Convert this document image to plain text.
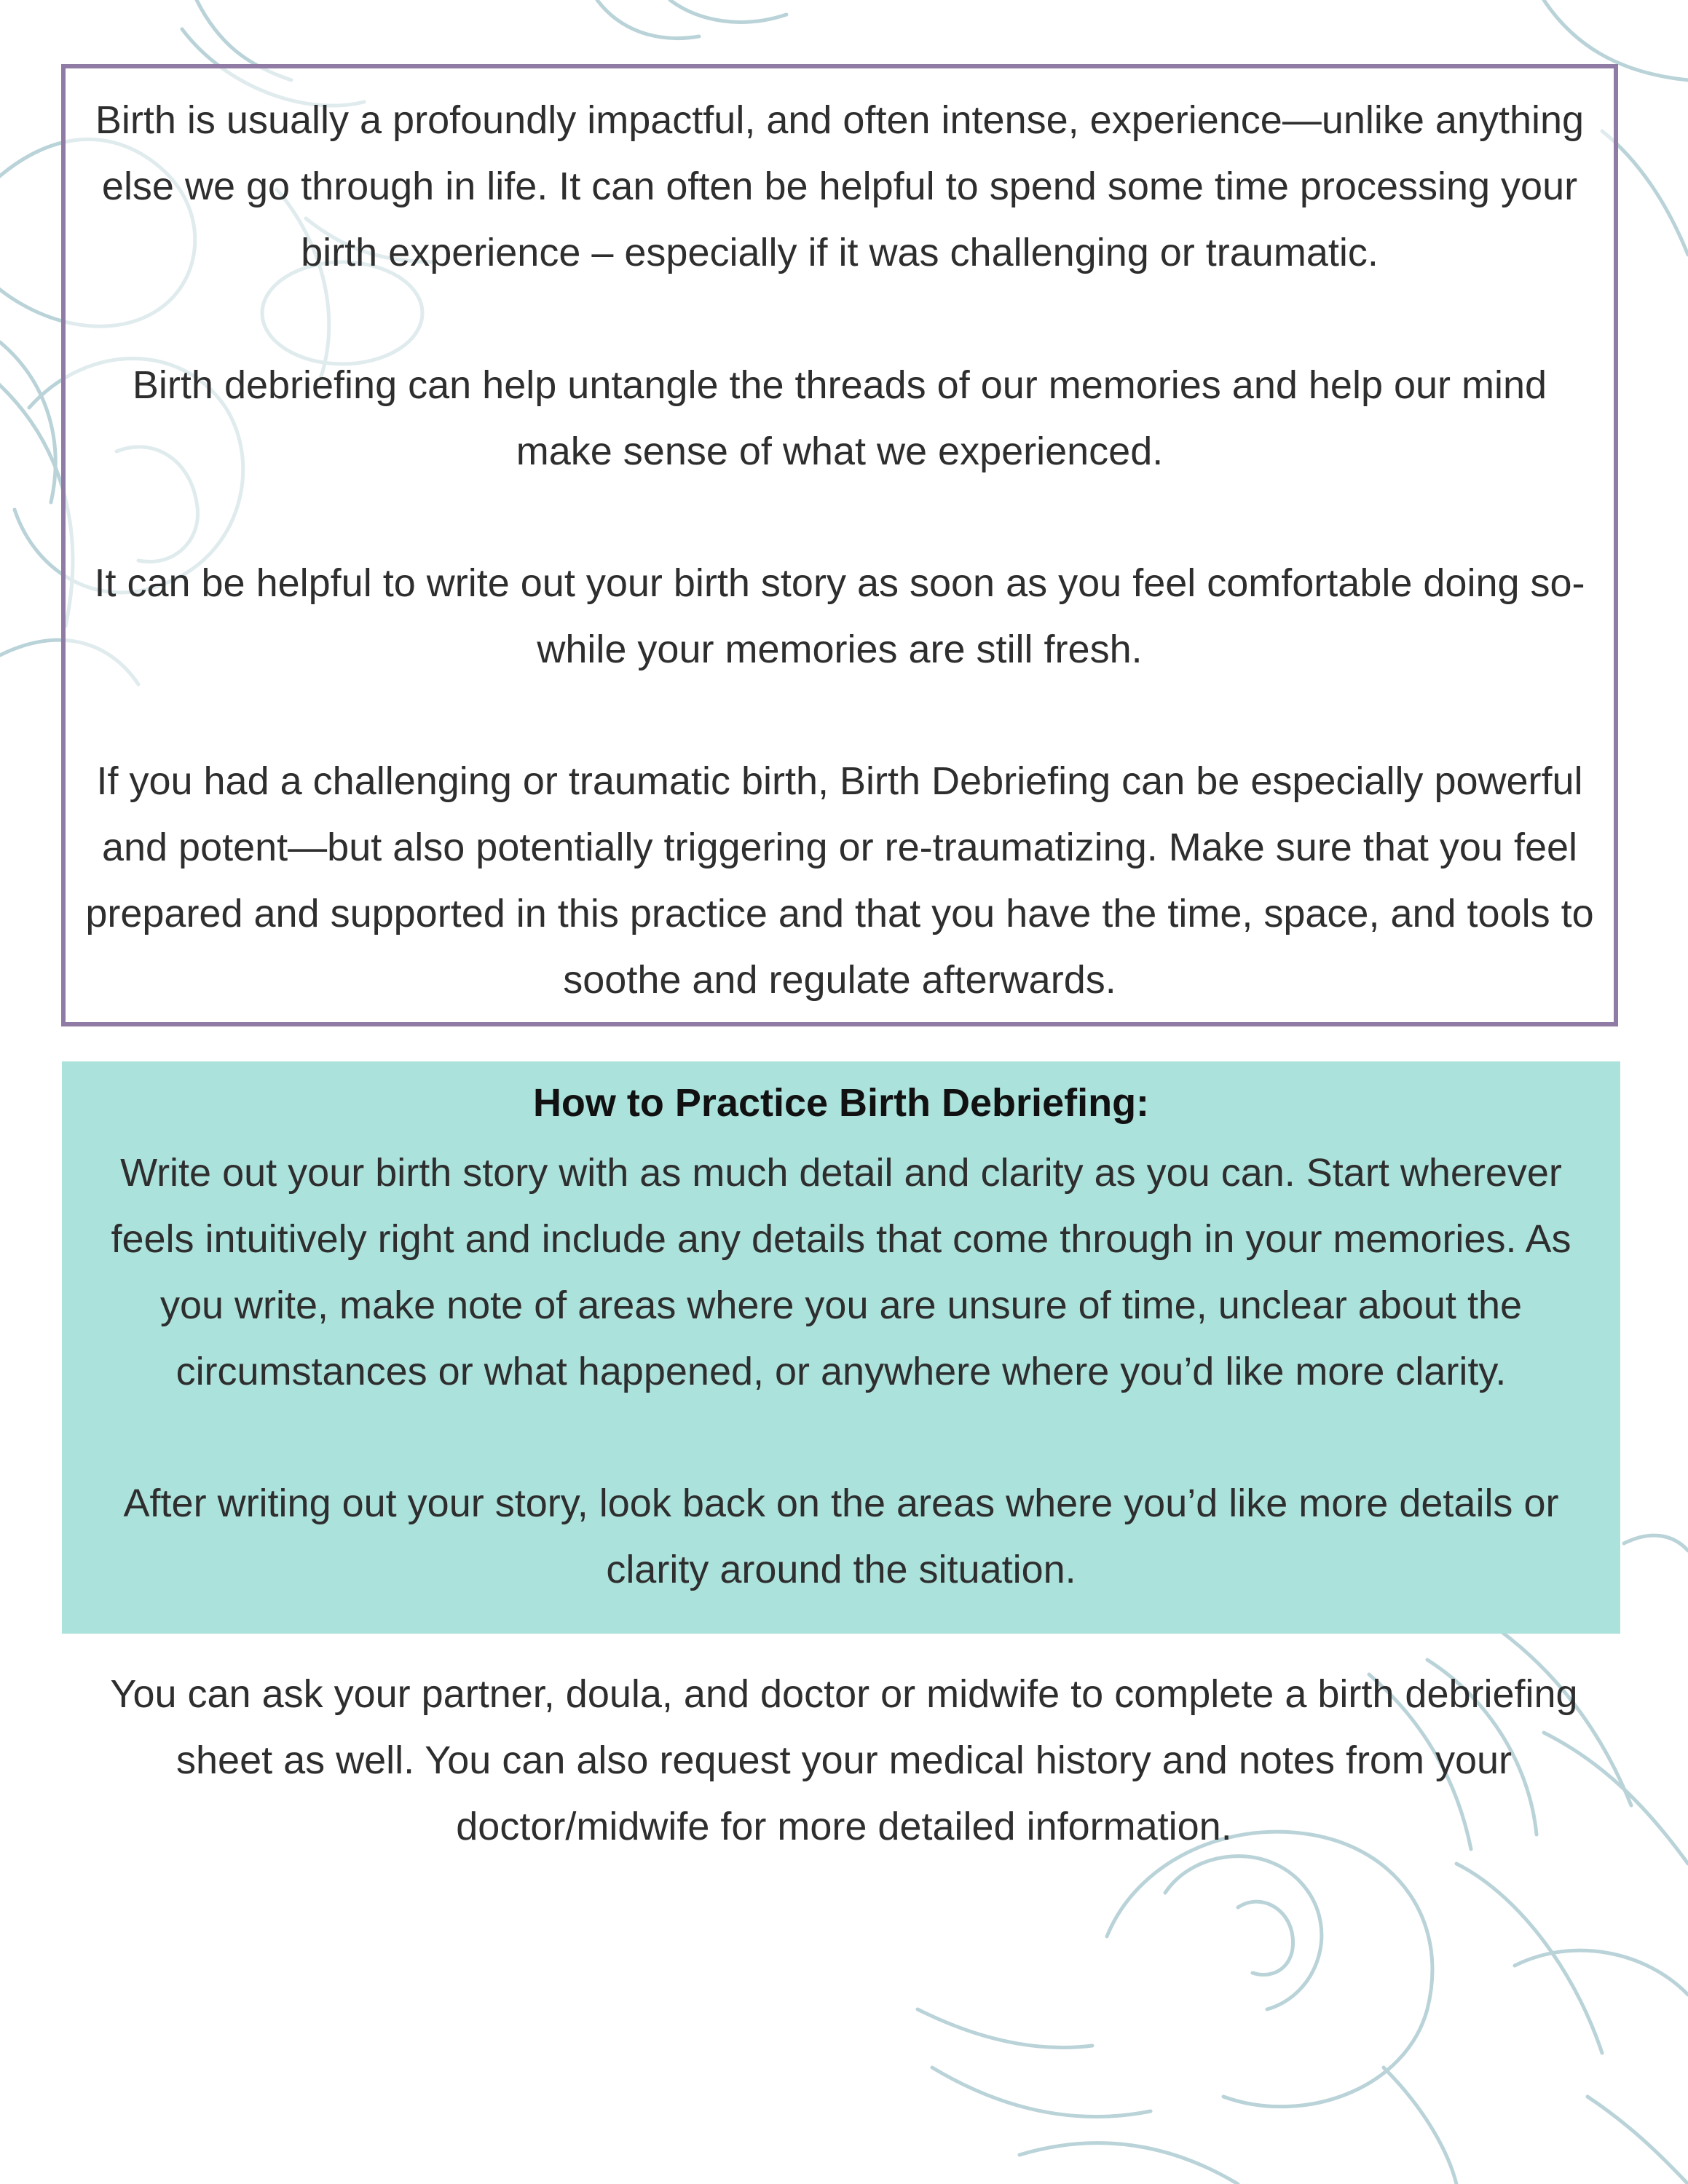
Birth is usually a profoundly impactful, and often intense, experience—unlike anything else we go through in life. It can often be helpful to spend some time processing your birth experience – especially if it was challenging or traumatic.

Birth debriefing can help untangle the threads of our memories and help our mind make sense of what we experienced.

It can be helpful to write out your birth story as soon as you feel comfortable doing so- while your memories are still fresh.

If you had a challenging or traumatic birth, Birth Debriefing can be especially powerful and potent—but also potentially triggering or re-traumatizing. Make sure that you feel prepared and supported in this practice and that you have the time, space, and tools to soothe and regulate afterwards.

How to Practice Birth Debriefing:

Write out your birth story with as much detail and clarity as you can. Start wherever feels intuitively right and include any details that come through in your memories. As you write, make note of areas where you are unsure of time, unclear about the circumstances or what happened, or anywhere where you’d like more clarity.

After writing out your story, look back on the areas where you’d like more details or clarity around the situation.

You can ask your partner, doula, and doctor or midwife to complete a birth debriefing sheet as well. You can also request your medical history and notes from your doctor/midwife for more detailed information.
